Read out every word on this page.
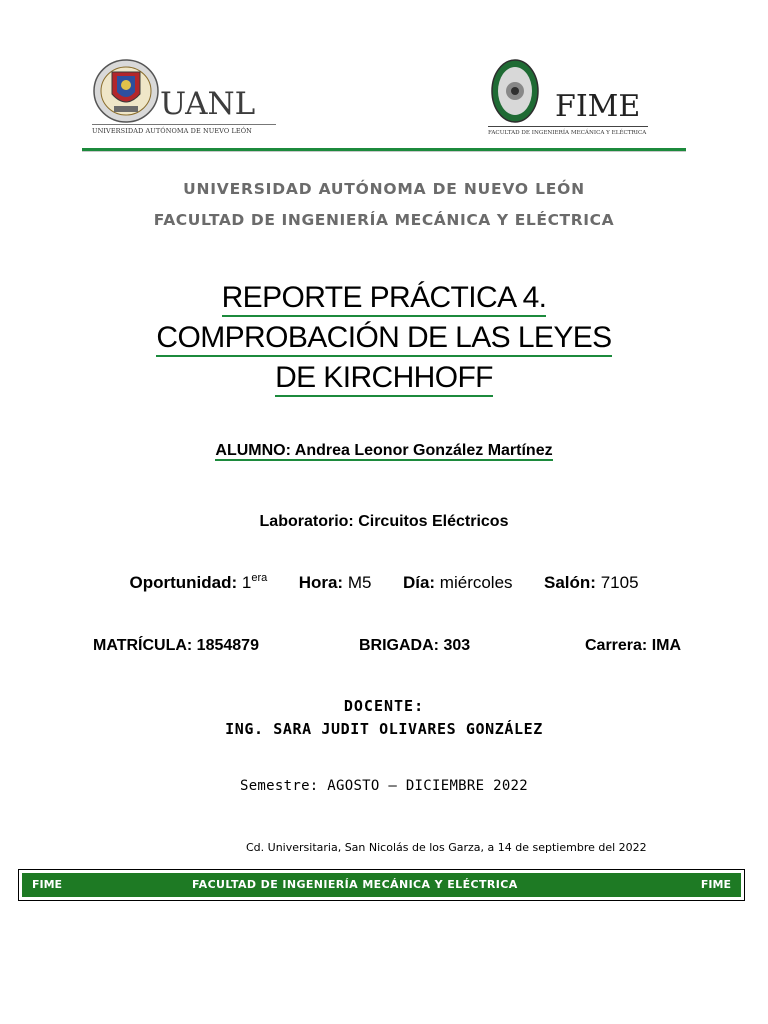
UANL
UNIVERSIDAD AUTÓNOMA DE NUEVO LEÓN
FIME
FACULTAD DE INGENIERÍA MECÁNICA Y ELÉCTRICA
UNIVERSIDAD AUTÓNOMA DE NUEVO LEÓN
FACULTAD DE INGENIERÍA MECÁNICA Y ELÉCTRICA
REPORTE PRÁCTICA 4.
COMPROBACIÓN DE LAS LEYES
DE KIRCHHOFF
ALUMNO: Andrea Leonor González Martínez
Laboratorio: Circuitos Eléctricos
Oportunidad: $1^{era}$ Hora: M5 Día: miércoles Salón: 7105
MATRÍCULA: 1854879	BRIGADA: 303	Carrera: IMA
DOCENTE:
ING. SARA JUDIT OLIVARES GONZÁLEZ
Semestre: AGOSTO – DICIEMBRE 2022
Cd. Universitaria, San Nicolás de los Garza, a 14 de septiembre del 2022
FIME	FACULTAD DE INGENIERÍA MECÁNICA Y ELÉCTRICA	FIME
